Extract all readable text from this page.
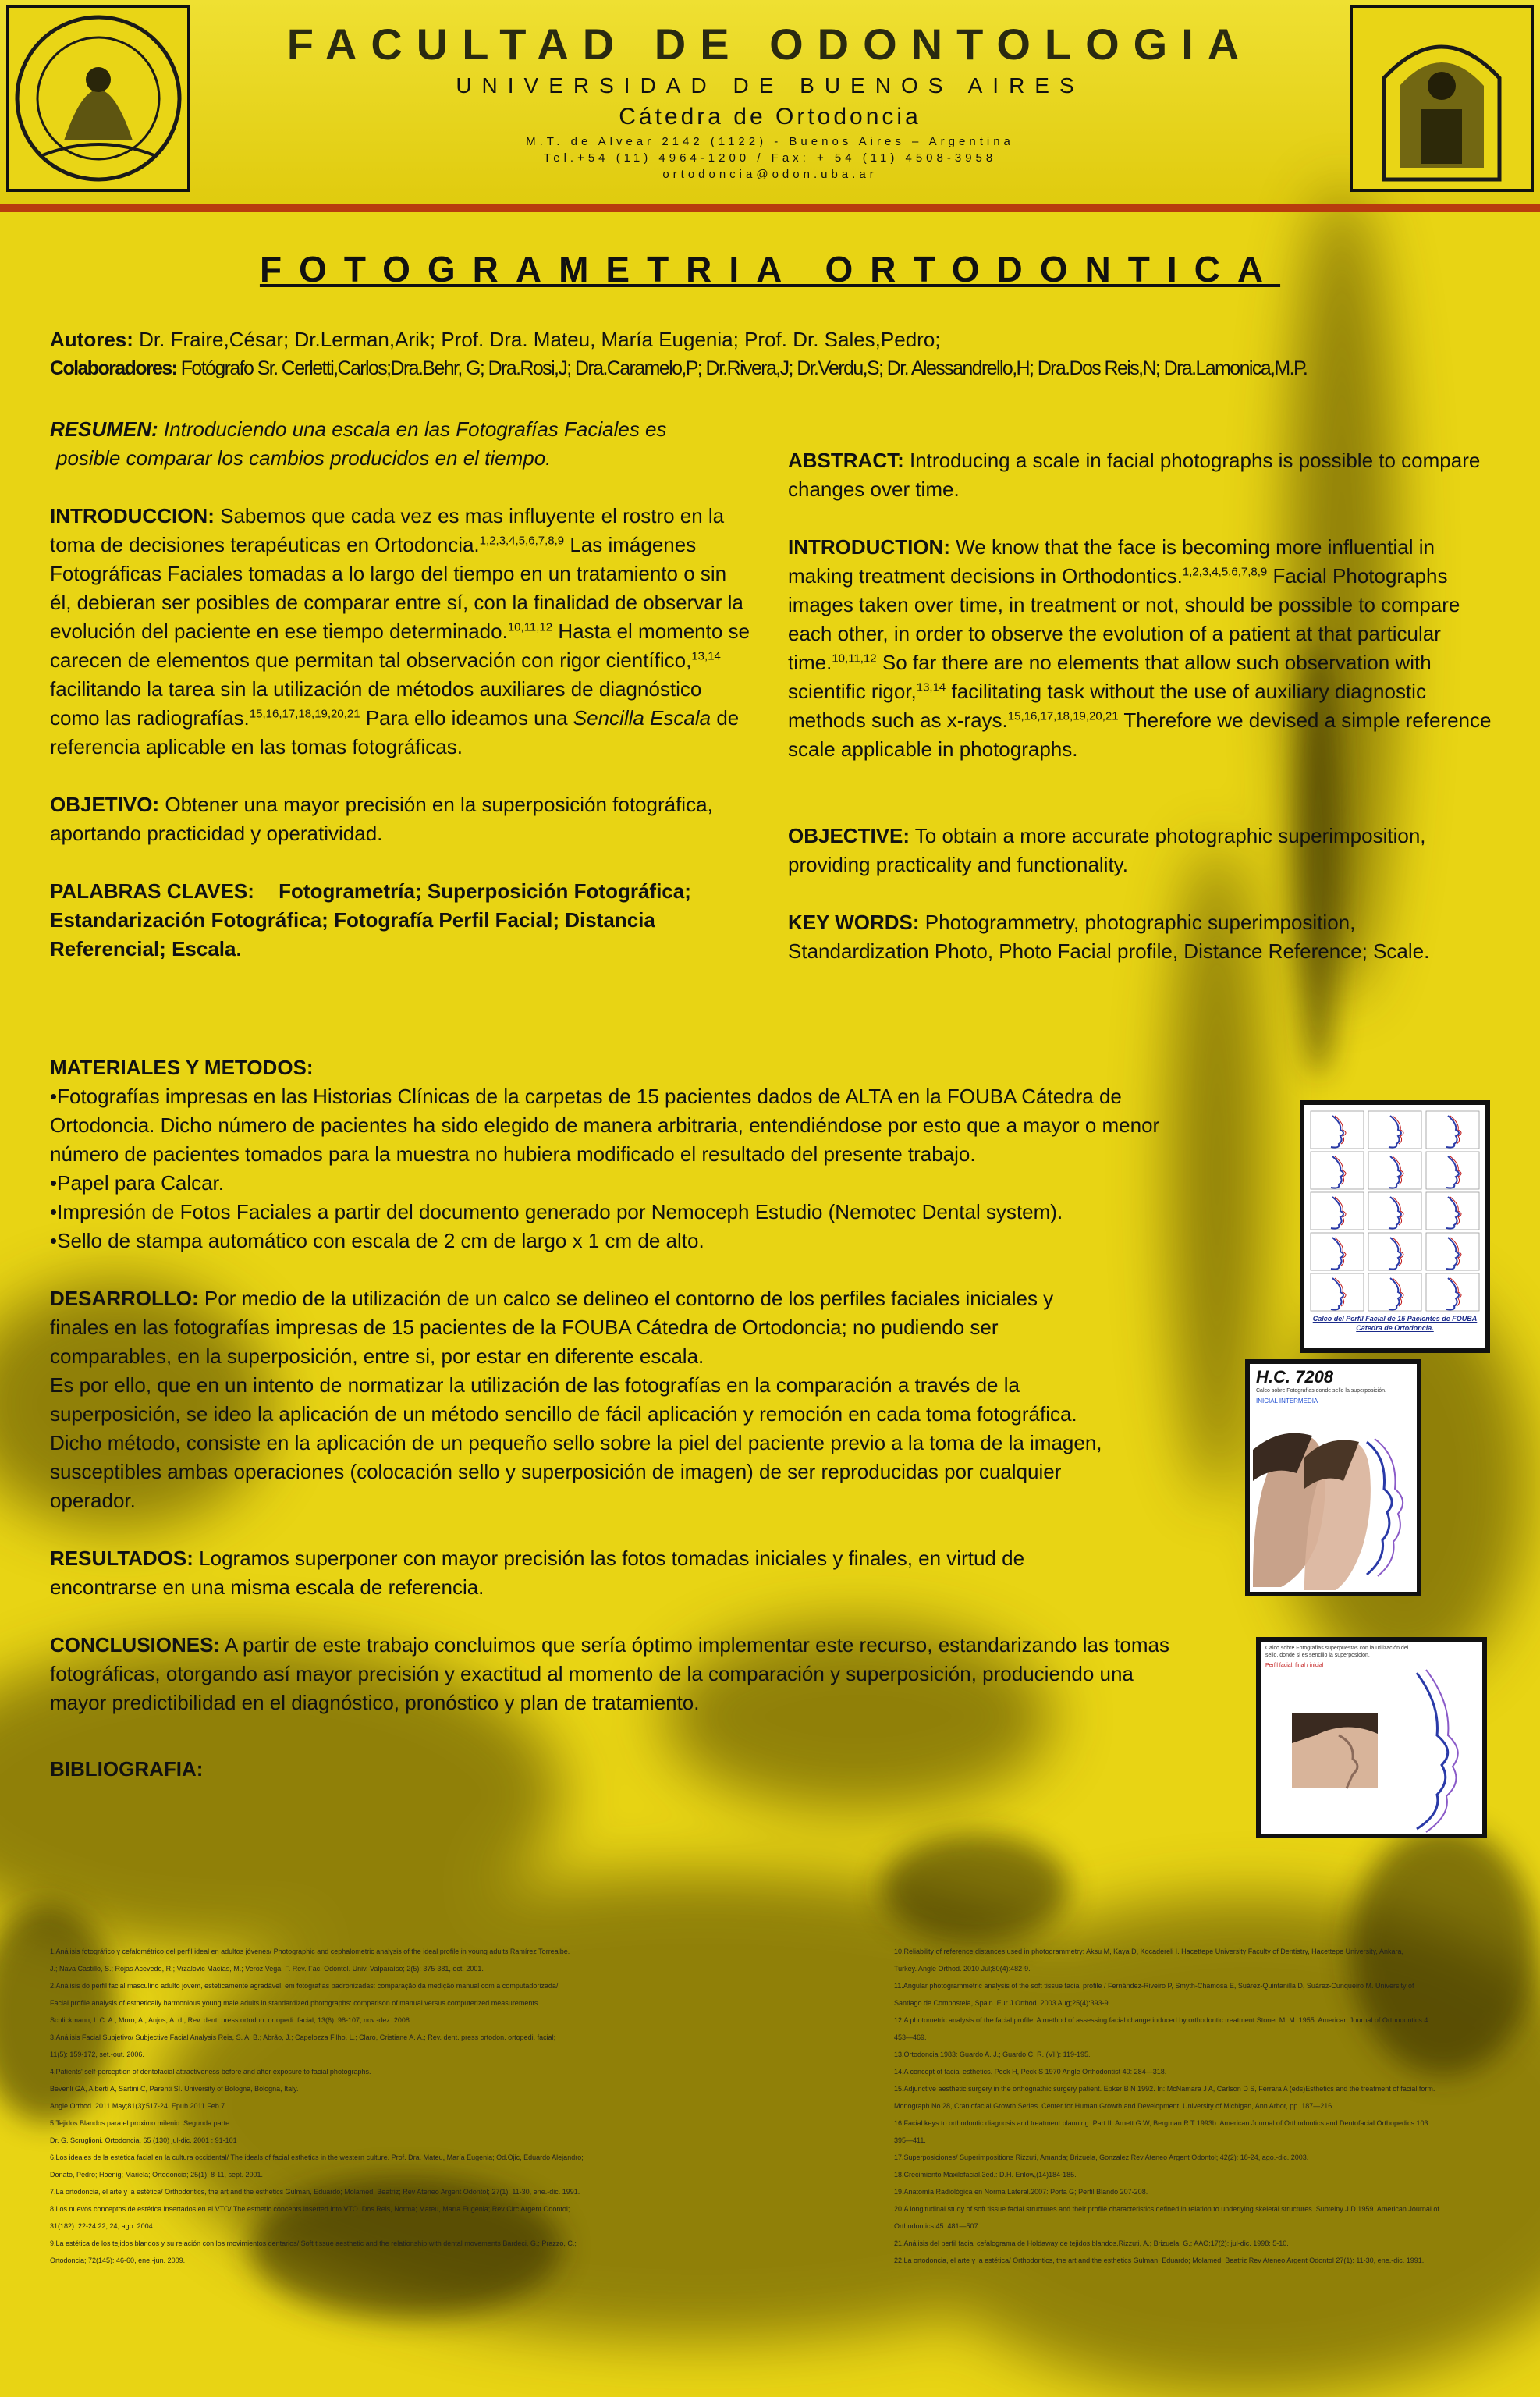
FACULTAD DE ODONTOLOGIA
UNIVERSIDAD DE BUENOS AIRES
Cátedra de Ortodoncia
M.T. de Alvear 2142 (1122) - Buenos Aires – Argentina
Tel.+54 (11) 4964-1200 / Fax: + 54 (11) 4508-3958
ortodoncia@odon.uba.ar
FOTOGRAMETRIA ORTODONTICA
Autores: Dr. Fraire,César; Dr.Lerman,Arik; Prof. Dra. Mateu, María Eugenia; Prof. Dr. Sales,Pedro;
Colaboradores: Fotógrafo Sr. Cerletti,Carlos;Dra.Behr, G; Dra.Rosi,J; Dra.Caramelo,P; Dr.Rivera,J; Dr.Verdu,S; Dr. Alessandrello,H; Dra.Dos Reis,N; Dra.Lamonica,M.P.

RESUMEN: Introduciendo una escala en las Fotografías Faciales es
posible comparar los cambios producidos en el tiempo.

INTRODUCCION: Sabemos que cada vez es mas influyente el rostro en la toma de decisiones terapéuticas en Ortodoncia.$^{1,2,3,4,5,6,7,8,9}$ Las imágenes Fotográficas Faciales tomadas a lo largo del tiempo en un tratamiento o sin él, debieran ser posibles de comparar entre sí, con la finalidad de observar la evolución del paciente en ese tiempo determinado.$^{10,11,12}$ Hasta el momento se carecen de elementos que permitan tal observación con rigor científico,$^{13,14}$ facilitando la tarea sin la utilización de métodos auxiliares de diagnóstico como las radiografías.$^{15,16,17,18,19,20,21}$ Para ello ideamos una Sencilla Escala de referencia aplicable en las tomas fotográficas.

OBJETIVO: Obtener una mayor precisión en la superposición fotográfica, aportando practicidad y operatividad.

PALABRAS CLAVES: Fotogrametría; Superposición Fotográfica; Estandarización Fotográfica; Fotografía Perfil Facial; Distancia Referencial; Escala.

ABSTRACT: Introducing a scale in facial photographs is possible to compare changes over time.

INTRODUCTION: We know that the face is becoming more influential in making treatment decisions in Orthodontics.$^{1,2,3,4,5,6,7,8,9}$ Facial Photographs images taken over time, in treatment or not, should be possible to compare each other, in order to observe the evolution of a patient at that particular time.$^{10,11,12}$ So far there are no elements that allow such observation with scientific rigor,$^{13,14}$ facilitating task without the use of auxiliary diagnostic methods such as x-rays.$^{15,16,17,18,19,20,21}$ Therefore we devised a simple reference scale applicable in photographs.

OBJECTIVE: To obtain a more accurate photographic superimposition, providing practicality and functionality.

KEY WORDS: Photogrammetry, photographic superimposition, Standardization Photo, Photo Facial profile, Distance Reference; Scale.

MATERIALES Y METODOS:
•Fotografías impresas en las Historias Clínicas de la carpetas de 15 pacientes dados de ALTA en la FOUBA Cátedra de Ortodoncia. Dicho número de pacientes ha sido elegido de manera arbitraria, entendiéndose por esto que a mayor o menor número de pacientes tomados para la muestra no hubiera modificado el resultado del presente trabajo.
•Papel para Calcar.
•Impresión de Fotos Faciales a partir del documento generado por Nemoceph Estudio (Nemotec Dental system).
•Sello de stampa automático con escala de 2 cm de largo x 1 cm de alto.

DESARROLLO: Por medio de la utilización de un calco se delineo el contorno de los perfiles faciales iniciales y finales en las fotografías impresas de 15 pacientes de la FOUBA Cátedra de Ortodoncia; no pudiendo ser comparables, en la superposición, entre si, por estar en diferente escala.
Es por ello, que en un intento de normatizar la utilización de las fotografías en la comparación a través de la superposición, se ideo la aplicación de un método sencillo de fácil aplicación y remoción en cada toma fotográfica. Dicho método, consiste en la aplicación de un pequeño sello sobre la piel del paciente previo a la toma de la imagen, susceptibles ambas operaciones (colocación sello y superposición de imagen) de ser reproducidas por cualquier operador.

RESULTADOS: Logramos superponer con mayor precisión las fotos tomadas iniciales y finales, en virtud de encontrarse en una misma escala de referencia.

CONCLUSIONES: A partir de este trabajo concluimos que sería óptimo implementar este recurso, estandarizando las tomas fotográficas, otorgando así mayor precisión y exactitud al momento de la comparación y superposición, produciendo una mayor predictibilidad en el diagnóstico, pronóstico y plan de tratamiento.

BIBLIOGRAFIA:
Calco del Perfil Facial de 15 Pacientes de FOUBA Cátedra de Ortodoncia.
H.C. 7208
Calco sobre Fotografías donde sello la superposición.
INICIAL INTERMEDIA
Calco sobre Fotografías superpuestas con la utilización del sello, donde si es sencillo la superposición.
Perfil facial: final / inicial
1.Análisis fotográfico y cefalométrico del perfil ideal en adultos jóvenes/ Photographic and cephalometric analysis of the ideal profile in young adults Ramírez Torrealbe.
J.; Nava Castillo, S.; Rojas Acevedo, R.; Vrzalovic Macías, M.; Veroz Vega, F. Rev. Fac. Odontol. Univ. Valparaíso; 2(5): 375-381, oct. 2001.
2.Análisis do perfil facial masculino adulto jovem, esteticamente agradável, em fotografias padronizadas: comparação da medição manual com a computadorizada/
Facial profile analysis of esthetically harmonious young male adults in standardized photographs: comparison of manual versus computerized measurements
Schlickmann, I. C. A.; Moro, A.; Anjos, A. d.; Rev. dent. press ortodon. ortopedi. facial; 13(6): 98-107, nov.-dez. 2008.
3.Análisis Facial Subjetivo/ Subjective Facial Analysis Reis, S. A. B.; Abrão, J.; Capelozza Filho, L.; Claro, Cristiane A. A.; Rev. dent. press ortodon. ortopedi. facial;
11(5): 159-172, set.-out. 2006.
4.Patients' self-perception of dentofacial attractiveness before and after exposure to facial photographs.
Bevenli GA, Alberti A, Sartini C, Parenti SI. University of Bologna, Bologna, Italy.
Angle Orthod. 2011 May;81(3):517-24. Epub 2011 Feb 7.
5.Tejidos Blandos para el proximo milenio. Segunda parte.
Dr. G. Scruglioni. Ortodoncia, 65 (130) jul-dic. 2001 : 91-101
6.Los ideales de la estética facial en la cultura occidental/ The ideals of facial esthetics in the western culture. Prof. Dra. Mateu, María Eugenia; Od.Ojic, Eduardo Alejandro;
Donato, Pedro; Hoenig; Mariela; Ortodoncia; 25(1): 8-11, sept. 2001.
7.La ortodoncia, el arte y la estética/ Orthodontics, the art and the esthetics Gulman, Eduardo; Molamed, Beatriz; Rev Ateneo Argent Odontol; 27(1): 11-30, ene.-dic. 1991.
8.Los nuevos conceptos de estética insertados en el VTO/ The esthetic concepts inserted into VTO. Dos Reis, Norma; Mateu, María Eugenia; Rev Circ Argent Odontol;
31(182): 22-24 22, 24, ago. 2004.
9.La estética de los tejidos blandos y su relación con los movimientos dentarios/ Soft tissue aesthetic and the relationship with dental movements Bardeci, G.; Prazzo, C.;
Ortodoncia; 72(145): 46-60, ene.-jun. 2009.
10.Reliability of reference distances used in photogrammetry: Aksu M, Kaya D, Kocadereli I. Hacettepe University Faculty of Dentistry, Hacettepe University, Ankara,
Turkey. Angle Orthod. 2010 Jul;80(4):482-9.
11.Angular photogrammetric analysis of the soft tissue facial profile / Fernández-Riveiro P, Smyth-Chamosa E, Suárez-Quintanilla D, Suárez-Cunqueiro M. University of
Santiago de Compostela, Spain. Eur J Orthod. 2003 Aug;25(4):393-9.
12.A photometric analysis of the facial profile. A method of assessing facial change induced by orthodontic treatment Stoner M. M. 1955: American Journal of Orthodontics 4:
453—469.
13.Ortodoncia 1983: Guardo A. J.; Guardo C. R. (VII): 119-195.
14.A concept of facial esthetics. Peck H, Peck S 1970 Angle Orthodontist 40: 284—318.
15.Adjunctive aesthetic surgery in the orthognathic surgery patient. Epker B N 1992. In: McNamara J A, Carlson D S, Ferrara A (eds)Esthetics and the treatment of facial form.
Monograph No 28, Craniofacial Growth Series. Center for Human Growth and Development, University of Michigan, Ann Arbor, pp. 187—216.
16.Facial keys to orthodontic diagnosis and treatment planning. Part II. Arnett G W, Bergman R T 1993b: American Journal of Orthodontics and Dentofacial Orthopedics 103:
395—411.
17.Superposiciones/ Superimpositions Rizzuti, Amanda; Brizuela, Gonzalez Rev Ateneo Argent Odontol; 42(2): 18-24, ago.-dic. 2003.
18.Crecimiento Maxilofacial.3ed.: D.H. Enlow,(14)184-185.
19.Anatomía Radiológica en Norma Lateral.2007: Porta G; Perfil Blando 207-208.
20.A longitudinal study of soft tissue facial structures and their profile characteristics defined in relation to underlying skeletal structures. Subtelny J D 1959. American Journal of
Orthodontics 45: 481—507
21.Análisis del perfil facial cefalograma de Holdaway de tejidos blandos.Rizzuti, A.; Brizuela, G.; AAO;17(2): jul-dic. 1998: 5-10.
22.La ortodoncia, el arte y la estética/ Orthodontics, the art and the esthetics Gulman, Eduardo; Molamed, Beatriz Rev Ateneo Argent Odontol 27(1): 11-30, ene.-dic. 1991.
